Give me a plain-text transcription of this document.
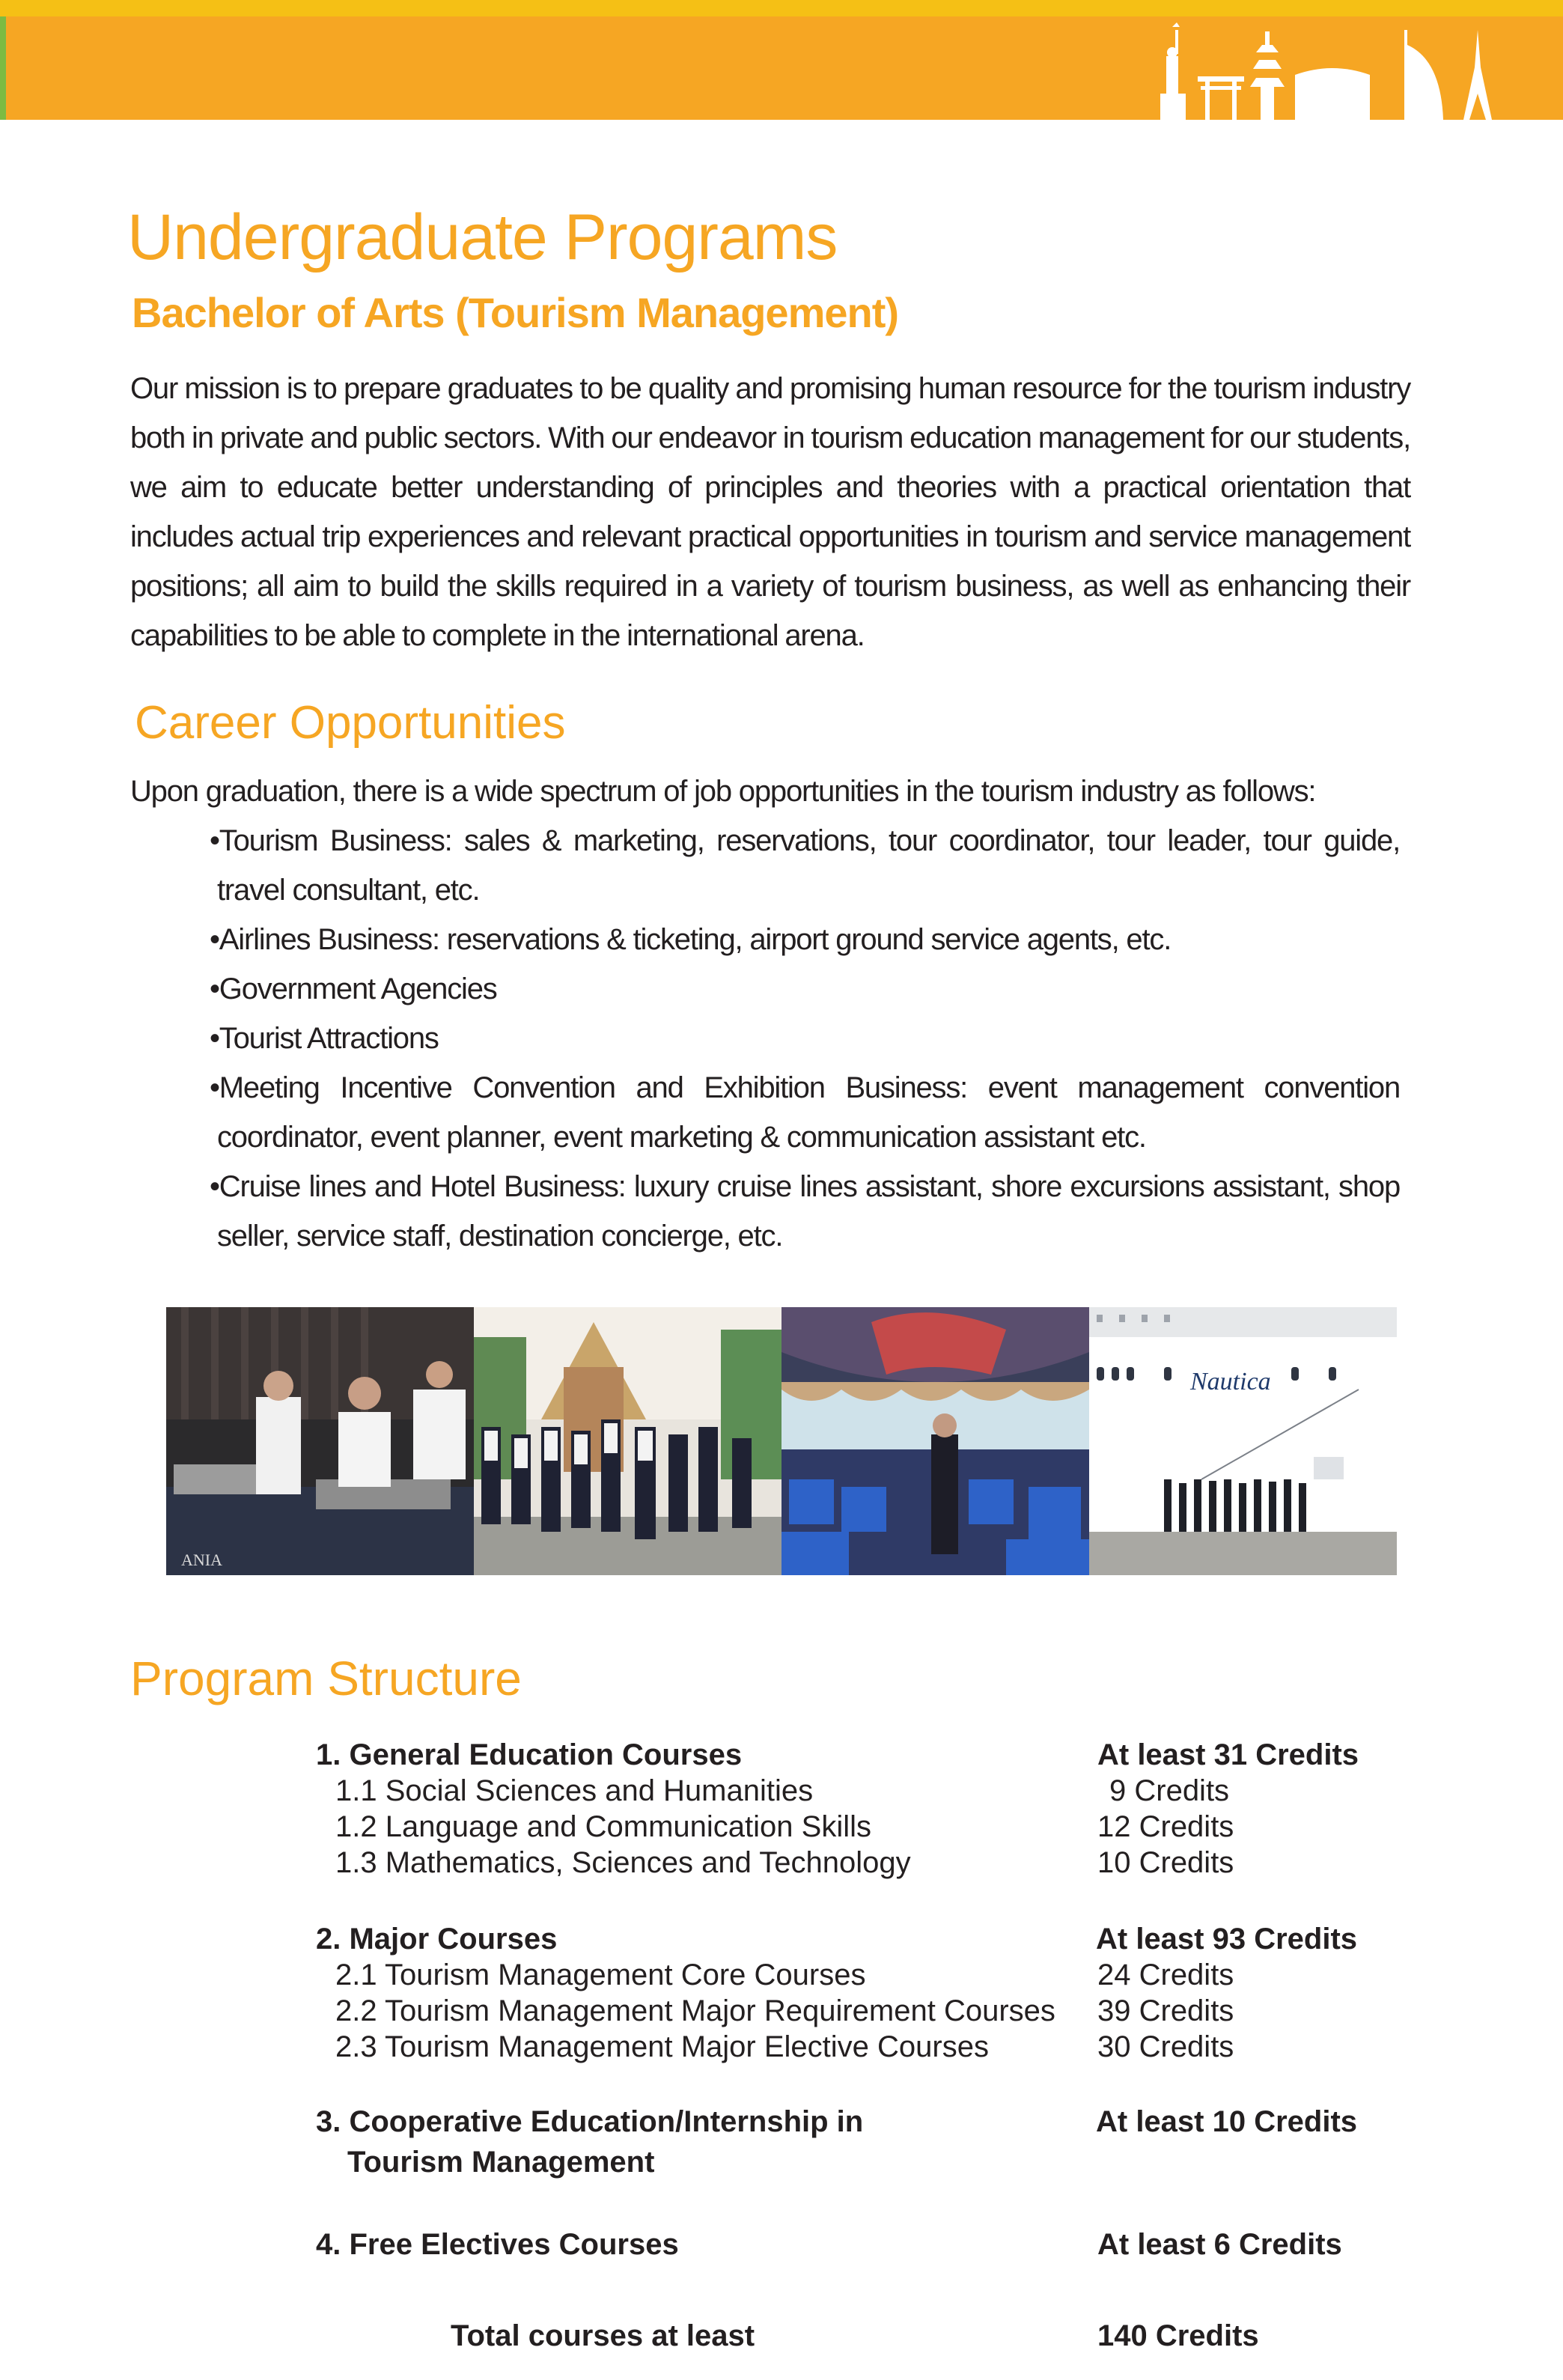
Undergraduate Programs
Bachelor of Arts (Tourism Management)
Our mission is to prepare graduates to be quality and promising human resource for the tourism industry both in private and public sectors. With our endeavor in tourism education management for our students, we aim to educate better understanding of principles and theories with a practical orientation that includes actual trip experiences and relevant practical opportunities in tourism and service management positions; all aim to build the skills required in a variety of tourism business, as well as enhancing their capabilities to be able to complete in the international arena.
Career Opportunities
Upon graduation, there is a wide spectrum of job opportunities in the tourism industry as follows:
•Tourism Business: sales & marketing, reservations, tour coordinator, tour leader, tour guide, travel consultant, etc.
•Airlines Business: reservations & ticketing, airport ground service agents, etc.
•Government Agencies
•Tourist Attractions
•Meeting Incentive Convention and Exhibition Business: event management convention coordinator, event planner, event marketing & communication assistant etc.
•Cruise lines and Hotel Business: luxury cruise lines assistant, shore excursions assistant, shop seller, service staff, destination concierge, etc.
ANIA
Nautica
Program Structure
1. General Education Courses	At least 31 Credits
1.1 Social Sciences and Humanities	9 Credits
1.2 Language and Communication Skills	12 Credits
1.3 Mathematics, Sciences and Technology	10 Credits
2. Major Courses	At least 93 Credits
2.1 Tourism Management Core Courses	24 Credits
2.2 Tourism Management Major Requirement Courses 39 Credits
2.3 Tourism Management Major Elective Courses	30 Credits
3. Cooperative Education/Internship in
Tourism Management
At least 10 Credits
4. Free Electives Courses	At least 6 Credits
Total courses at least	140 Credits
